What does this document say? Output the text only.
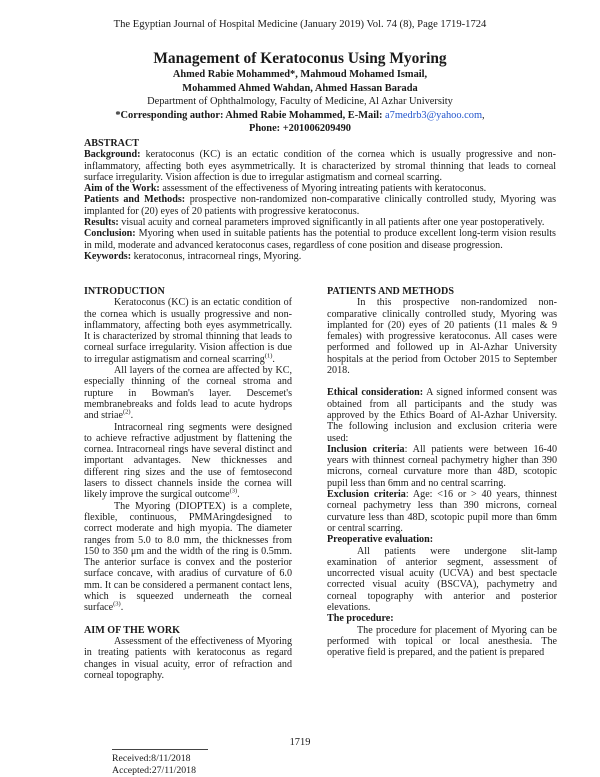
The Egyptian Journal of Hospital Medicine (January 2019) Vol. 74 (8), Page 1719-1724
Management of Keratoconus Using Myoring
Ahmed Rabie Mohammed*, Mahmoud Mohamed Ismail,
Mohammed Ahmed Wahdan, Ahmed Hassan Barada
Department of Ophthalmology, Faculty of Medicine, Al Azhar University
*Corresponding author: Ahmed Rabie Mohammed, E-Mail: a7medrb3@yahoo.com,
Phone: +201006209490

ABSTRACT

Background: keratoconus (KC) is an ectatic condition of the cornea which is usually progressive and non-inflammatory, affecting both eyes asymmetrically. It is characterized by stromal thinning that leads to corneal surface irregularity. Vision affection is due to irregular astigmatism and corneal scarring.

Aim of the Work: assessment of the effectiveness of Myoring intreating patients with keratoconus.

Patients and Methods: prospective non-randomized non-comparative clinically controlled study, Myoring was implanted for (20) eyes of 20 patients with progressive keratoconus.

Results: visual acuity and corneal parameters improved significantly in all patients after one year postoperatively.

Conclusion: Myoring when used in suitable patients has the potential to produce excellent long-term vision results in mild, moderate and advanced keratoconus cases, regardless of cone position and disease progression.

Keywords: keratoconus, intracorneal rings, Myoring.

INTRODUCTION

Keratoconus (KC) is an ectatic condition of the cornea which is usually progressive and non-inflammatory, affecting both eyes asymmetrically. It is characterized by stromal thinning that leads to corneal surface irregularity. Vision affection is due to irregular astigmatism and corneal scarring$^{(1)}$.

All layers of the cornea are affected by KC, especially thinning of the corneal stroma and rupture in Bowman's layer. Descemet's membranebreaks and folds lead to acute hydrops and striae$^{(2)}$.

Intracorneal ring segments were designed to achieve refractive adjustment by flattening the cornea. Intracorneal rings have several distinct and important advantages. New thicknesses and different ring sizes and the use of femtosecond lasers to dissect channels inside the cornea will likely improve the surgical outcome$^{(3)}$.

The Myoring (DIOPTEX) is a complete, flexible, continuous, PMMAringdesigned to correct moderate and high myopia. The diameter ranges from 5.0 to 8.0 mm, the thicknesses from 150 to 350 μm and the width of the ring is 0.5mm. The anterior surface is convex and the posterior surface concave, with aradius of curvature of 6.0 mm. It can be considered a permanent contact lens, which is squeezed underneath the corneal surface$^{(3)}$.

AIM OF THE WORK

Assessment of the effectiveness of Myoring in treating patients with keratoconus as regard changes in visual acuity, error of refraction and corneal topography.

PATIENTS AND METHODS

In this prospective non-randomized non-comparative clinically controlled study, Myoring was implanted for (20) eyes of 20 patients (11 males & 9 females) with progressive keratoconus. All cases were performed and followed up in Al-Azhar University hospitals at the period from October 2015 to September 2018.

Ethical consideration: A signed informed consent was obtained from all participants and the study was approved by the Ethics Board of Al-Azhar University. The following inclusion and exclusion criteria were used:

Inclusion criteria: All patients were between 16-40 years with thinnest corneal pachymetry higher than 390 microns, corneal curvature more than 48D, scotopic pupil less than 6mm and no central scarring.

Exclusion criteria: Age: <16 or > 40 years, thinnest corneal pachymetry less than 390 microns, corneal curvature less than 48D, scotopic pupil more than 6mm or central scarring.

Preoperative evaluation:

All patients were undergone slit-lamp examination of anterior segment, assessment of uncorrected visual acuity (UCVA) and best spectacle corrected visual acuity (BSCVA), pachymetry and corneal topography with anterior and posterior elevations.

The procedure:

The procedure for placement of Myoring can be performed with topical or local anesthesia. The operative field is prepared, and the patient is prepared

1719
Received:8/11/2018
Accepted:27/11/2018
